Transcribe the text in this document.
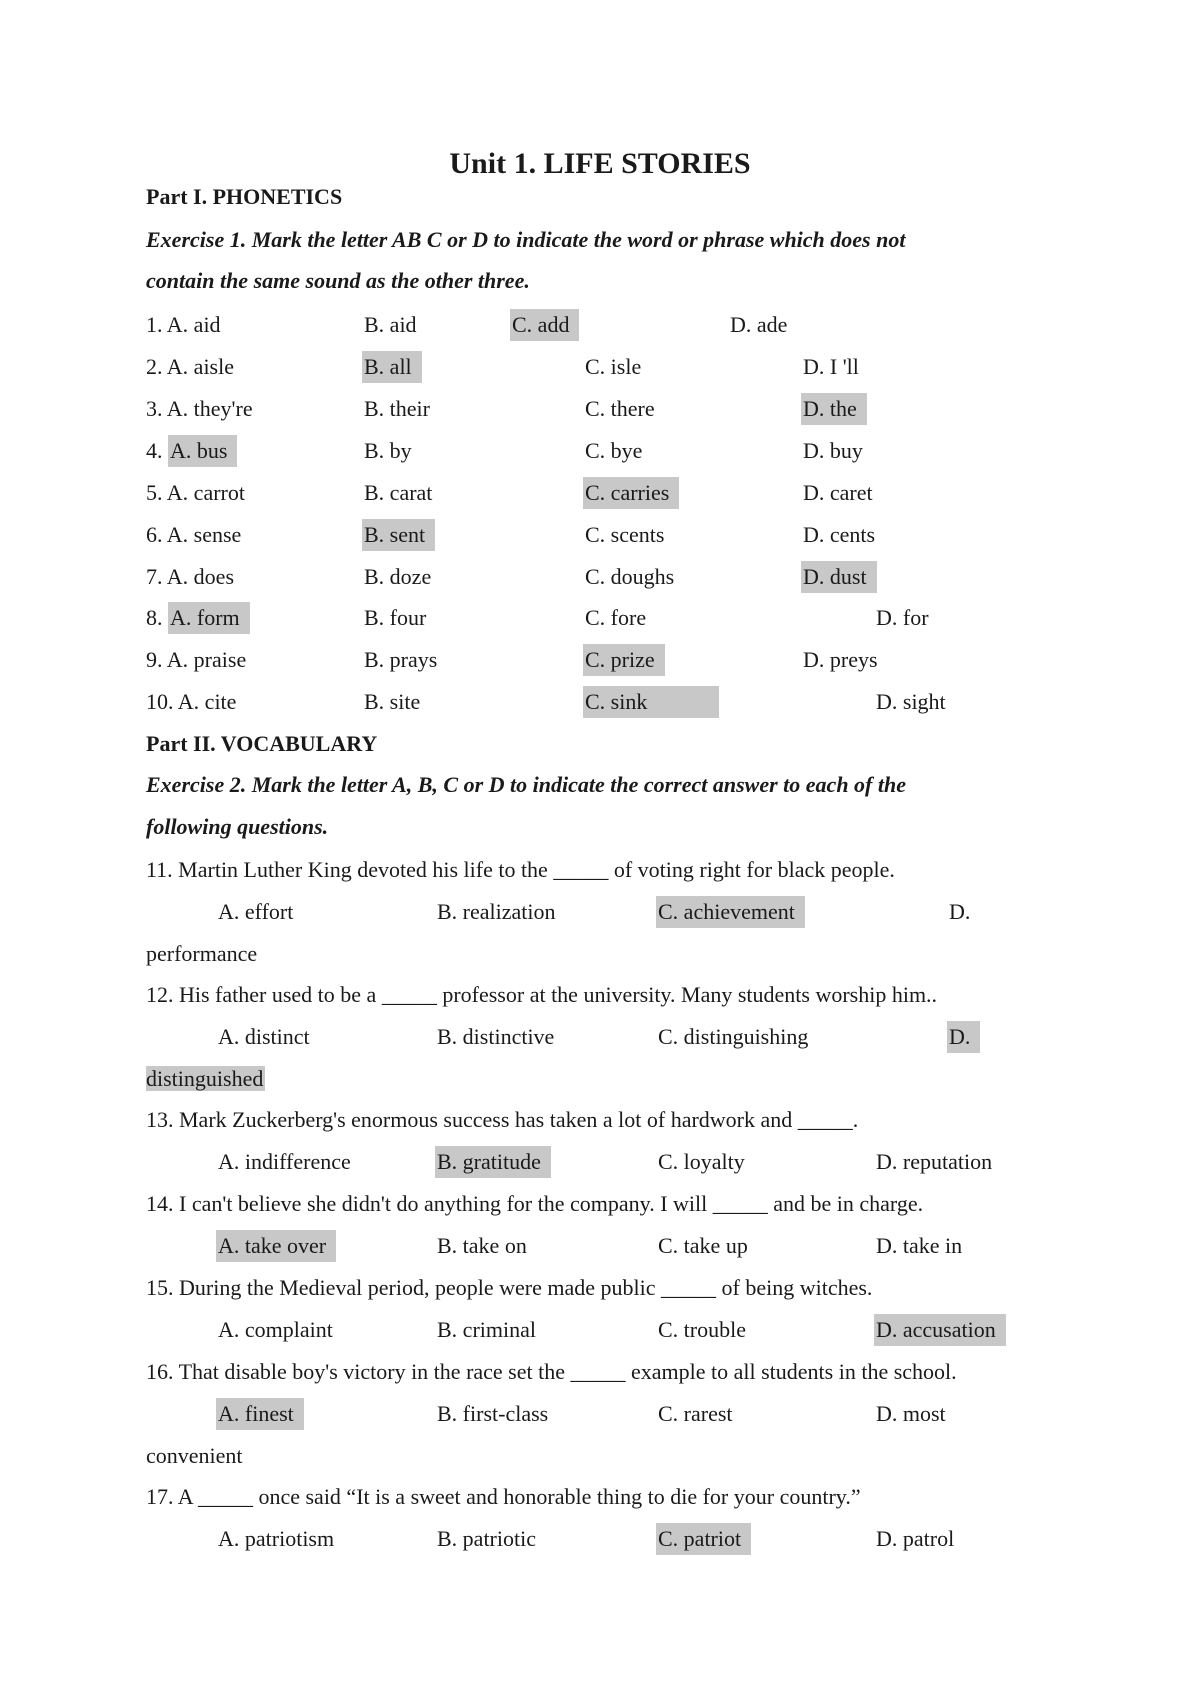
Unit 1. LIFE STORIES
Part I. PHONETICS
Exercise 1. Mark the letter AB C or D to indicate the word or phrase which does not
contain the same sound as the other three.
1. A. aid	B. aid	C. add	D. ade
2. A. aisle	B. all	C. isle	D. I 'll
3. A. they're	B. their	C. there	D. the
4. A. bus	B. by	C. bye	D. buy
5. A. carrot	B. carat	C. carries	D. caret
6. A. sense	B. sent	C. scents	D. cents
7. A. does	B. doze	C. doughs	D. dust
8. A. form	B. four	C. fore	D. for
9. A. praise	B. prays	C. prize	D. preys
10. A. cite	B. site	C. sink	D. sight
Part II. VOCABULARY
Exercise 2. Mark the letter A, B, C or D to indicate the correct answer to each of the
following questions.
11. Martin Luther King devoted his life to the _____ of voting right for black people.
A. effort	B. realization	C. achievement	D.
performance
12. His father used to be a _____ professor at the university. Many students worship him..
A. distinct	B. distinctive	C. distinguishing	D.
distinguished
13. Mark Zuckerberg's enormous success has taken a lot of hardwork and _____.
A. indifference	B. gratitude	C. loyalty	D. reputation
14. I can't believe she didn't do anything for the company. I will _____ and be in charge.
A. take over	B. take on	C. take up	D. take in
15. During the Medieval period, people were made public _____ of being witches.
A. complaint	B. criminal	C. trouble	D. accusation
16. That disable boy's victory in the race set the _____ example to all students in the school.
A. finest	B. first-class	C. rarest	D. most
convenient
17. A _____ once said “It is a sweet and honorable thing to die for your country.”
A. patriotism	B. patriotic	C. patriot	D. patrol
